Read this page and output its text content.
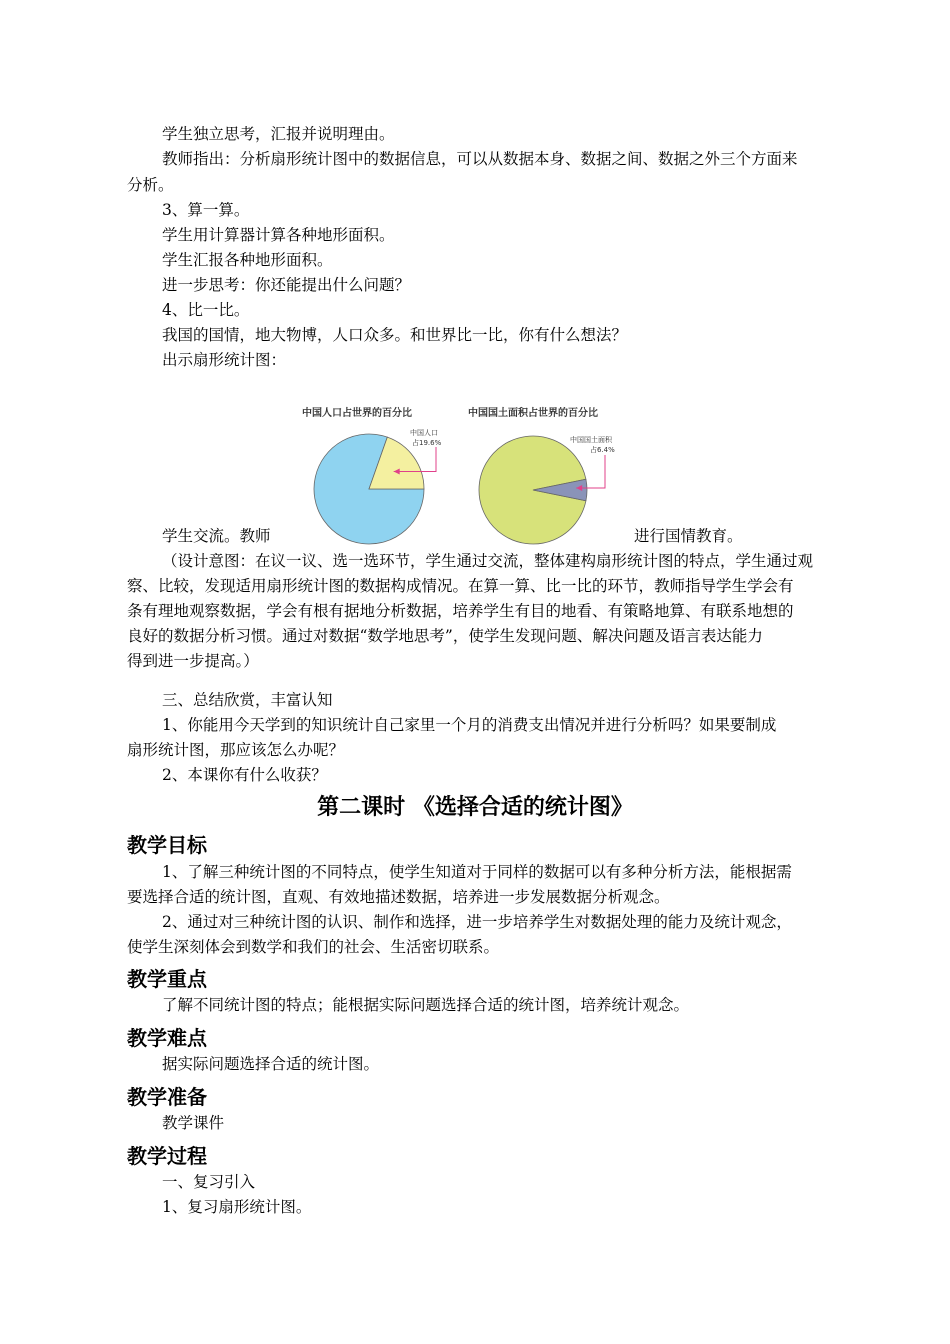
学生独立思考，汇报并说明理由。
教师指出：分析扇形统计图中的数据信息，可以从数据本身、数据之间、数据之外三个方面来
分析。
3、算一算。
学生用计算器计算各种地形面积。
学生汇报各种地形面积。
进一步思考：你还能提出什么问题？
4、比一比。
我国的国情，地大物博，人口众多。和世界比一比，你有什么想法？
出示扇形统计图：
中国人口占世界的百分比	中国国土面积占世界的百分比
中国人口
占19.6%	中国国土面积
占6.4%
学生交流。教师	进行国情教育。
（设计意图：在议一议、选一选环节，学生通过交流，整体建构扇形统计图的特点，学生通过观
察、比较，发现适用扇形统计图的数据构成情况。在算一算、比一比的环节，教师指导学生学会有
条有理地观察数据，学会有根有据地分析数据，培养学生有目的地看、有策略地算、有联系地想的
良好的数据分析习惯。通过对数据“数学地思考”，使学生发现问题、解决问题及语言表达能力
得到进一步提高。）
三、总结欣赏，丰富认知
1、你能用今天学到的知识统计自己家里一个月的消费支出情况并进行分析吗？如果要制成
扇形统计图，那应该怎么办呢？
2、本课你有什么收获？
第二课时 《选择合适的统计图》
教学目标
1、了解三种统计图的不同特点，使学生知道对于同样的数据可以有多种分析方法，能根据需
要选择合适的统计图，直观、有效地描述数据，培养进一步发展数据分析观念。
2、通过对三种统计图的认识、制作和选择，进一步培养学生对数据处理的能力及统计观念，
使学生深刻体会到数学和我们的社会、生活密切联系。
教学重点
了解不同统计图的特点；能根据实际问题选择合适的统计图，培养统计观念。
教学难点
据实际问题选择合适的统计图。
教学准备
教学课件
教学过程
一、复习引入
1、复习扇形统计图。
